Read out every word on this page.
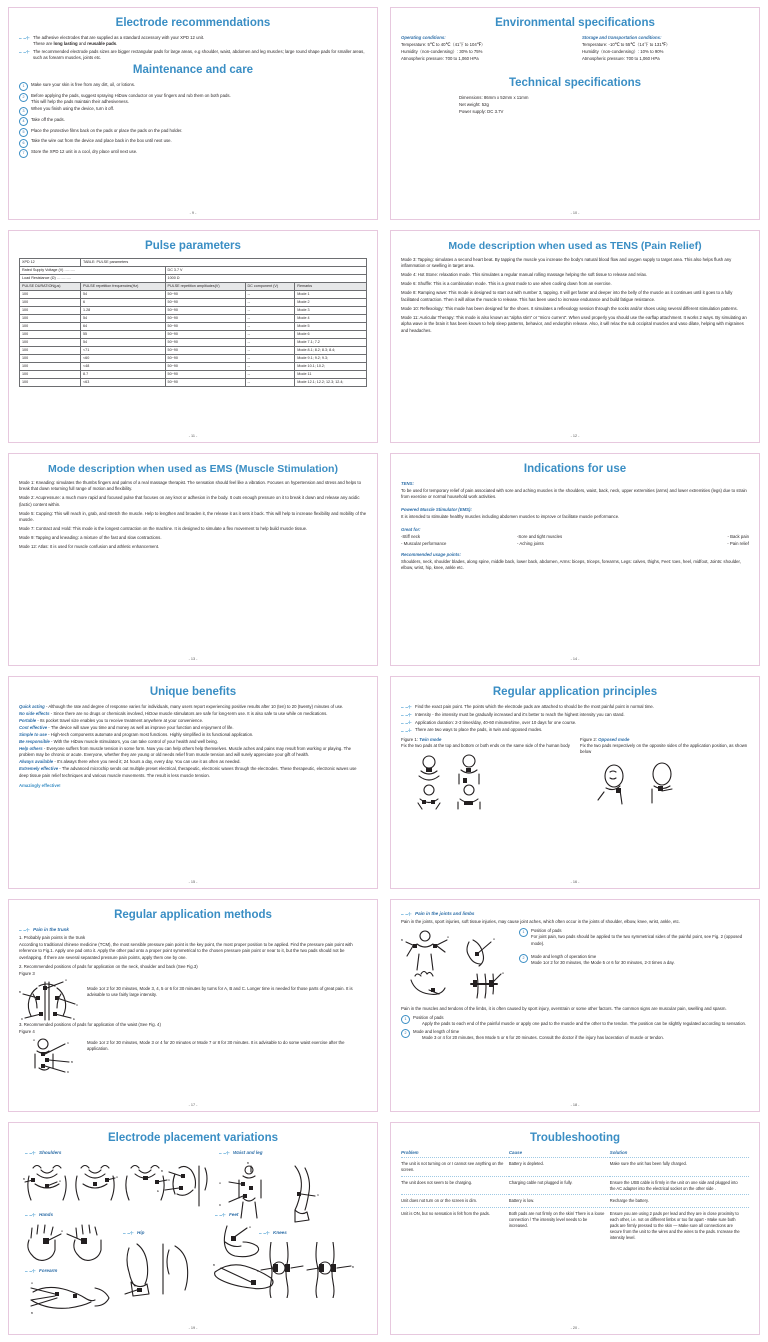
Electrode recommendations
The adhesive electrodes that are supplied as a standard accessory with your XPD 12 unit.
These are long lasting and reusable pads.
The recommended electrode pads sizes are bigger rectangular pads for large areas, e.g shoulder, waist, abdomen and leg muscles; large round shape pads for smaller areas, such as forearm muscles, joints etc.
Maintenance and care
1	Make sure your skin is free from any dirt, oil, or lotions.
2	Before applying the pads, suggest spraying HiDow conductor on your fingers and rub them on both pads.
This will help the pads maintain their adhesiveness.
3	When you finish using the device, turn it off.
4	Take off the pads.
5	Place the protective films back on the pads or place the pads on the pad holder.
6	Take the wire out from the device and place back in the box until next use.
7	Store the XPD 12 unit in a cool, dry place until next use.
- 9 -
Environmental specifications
Operating conditions:
Temperature: 5℃ to 40℃（41℉ to 104℉）
Humidity（non-condensing）: 30% to 75%
Atmospheric pressure: 700 to 1,060 HPa
Storage and transportation conditions:
Temperature: -10℃ to 55℃（14℉ to 131℉）
Humidity（non-condensing）: 10% to 90%
Atmospheric pressure: 700 to 1,060 HPa
Technical specifications
Dimensions: 86mm x 52mm x 11mm
Net weight: 52g
Power supply: DC 3.7V
- 10 -
Pulse parameters
XPD 12	TABLE: PULSE parameters			
Rated Supply Voltage (V) ………		DC 3.7 V		
Load Resistance (Ω) …………		1000 Ω		
PULSE DURATION(μs)	PULSE repetition frequencies(Hz)	PULSE repetition amplitudes(V)	DC component (V)	Remarks
100	54	50~90	--	Mode 1
100	6	50~90	--	Mode 2
100	1.28	50~90	--	Mode 3
100	54	50~90	--	Mode 4
100	64	50~90	--	Mode 5
100	55	50~90	--	Mode 6
100	54	50~90	--	Mode 7.1; 7.2
100	<71	50~90	--	Mode 8.1; 8.2; 8.3; 8.4;
100	<60	50~90	--	Mode 9.1; 9.2; 9.3;
100	<48	50~90	--	Mode 10.1; 10.2;
100	8.7	50~90	--	Mode 11
100	<63	50~90	--	Mode 12.1; 12.2; 12.3; 12.4;
- 11 -
Mode description when used as TENS (Pain Relief)
Mode 3: Tapping: simulates a second heart beat. By tapping the muscle you increase the body's natural blood flow and oxygen supply to target area. This also helps flush any inflammation or swelling in target area.
Mode 4: Hot Stone: relaxation mode. This simulates a regular manual rolling massage helping the soft tissue to release and relax.
Mode 6: Shuffle: This is a combination mode. This is a great mode to use when cooling down from an exercise.
Mode 8: Ramping wave: This mode is designed to start out with number 3, tapping. It will get faster and deeper into the belly of the muscle as it continues until it goes to a fully facilitated contraction. Then it will allow the muscle to release. This has been used to increase endurance and build fatigue resistance.
Mode 10: Reflexology: This mode has been designed for the shoes. It simulates a reflexology session through the socks and/or shoes using several different stimulation patterns.
Mode 11: Auricular Therapy: This mode is also known as “alpha stim” or “micro current”. When used properly you should use the earflap attachment. It works 2 ways. By simulating an alpha wave in the brain it has been known to help sleep patterns, behavior, and endorphin release. Also, it will relax the sub occipital muscles and vaso dilate, helping with migraines and headaches.
- 12 -
Mode description when used as EMS (Muscle Stimulation)
Mode 1: Kneading: simulates the thumbs fingers and palms of a real massage therapist. The sensation should feel like a vibration. Focuses on hypertension and stress and helps to break that down returning full range of motion and flexibility.
Mode 2: Acupressure: a much more rapid and focused pulse that focuses on any knot or adhesion in the body. It outs enough pressure on it to break it down and release any acidic (lactic) content within.
Mode 5: Cupping: This will reach in, grab, and stretch the muscle. Help to lengthen and broaden it, the release it as it sets it back. This will help to increase flexibility and mobility of the muscle.
Mode 7: Contract and Hold: This mode is the longest contraction on the machine. It is designed to simulate a flex movement to help build muscle tissue.
Mode 9: Tapping and kneading: a mixture of the fast and slow contractions.
Mode 12: Atlas: It is used for muscle confusion and athletic enhancement.
- 13 -
Indications for use
TENS:
To be used for temporary relief of pain associated with sore and aching muscles in the shoulders, waist, back, neck, upper extremities (arms) and lower extremities (legs) due to strain from exercise or normal household work activities.
Powered Muscle Stimulator (EMS):
It is intended to stimulate healthy muscles including abdomen muscles to improve or facilitate muscle performance.
Great for:
-Stiff neck
- Muscular performance
-Sore and tight muscles
- Aching joints
- Back pain
- Pain relief
Recommended usage points:
Shoulders, neck, shoulder blades, along spine, middle back, lower back, abdomen, Arms: biceps, triceps, forearms, Legs: calves, thighs, Feet: toes, heel, midfoot, Joints: shoulder, elbow, wrist, hip, knee, ankle etc.
- 14 -
Unique benefits
Quick acting - Although the rate and degree of response varies for individuals, many users report experiencing positive results after 10 (ten) to 20 (twenty) minutes of use.
No side effects - Since there are no drugs or chemicals involved, HiDow muscle stimulators are safe for long-term use. It is also safe to use while on medications.
Portable - Its pocket travel size enables you to receive treatment anywhere at your convenience.
Cost effective - The device will save you time and money as well as improve your function and enjoyment of life.
Simple to use - High-tech components automate and program most functions. Highly simplified in its functional application.
Be responsible - With the HiDow muscle stimulators, you can take control of your health and well being.
Help others - Everyone suffers from muscle tension in some form. Now you can help others help themselves. Muscle aches and pains may result from working or playing. The problem may be chronic or acute. Everyone, whether they are young or old needs relief from muscle tension and will surely appreciate your gift of health.
Always available - It's always there when you need it; 24 hours a day, every day. You can use it as often as needed.
Extremely effective - The advanced microchip sends out multiple preset electrical, therapeutic, electronic waves through the electrodes. These therapeutic, electronic waves use deep tissue pain relief techniques and various muscle movements. The result is less muscle tension.
Amazingly effective!
- 15 -
Regular application principles
Find the exact pain point. The points which the electrode pads are attached to should be the most painful point in normal time.
Intensity - the intensity must be gradually increased and it's better to reach the highest intensity you can stand.
Application duration: 2-3 times/day, 40-60 minutes/time, over 10 days for one course.
There are two ways to place the pads, in twin and opposed modes.
Figure 1: Twin mode
Fix the two pads at the top and bottom or both ends on the same side of the human body
Figure 2: Opposed mode
Fix the two pads respectively on the opposite sides of the application position, as shown below
- 16 -
Regular application methods
Pain in the trunk
1. Probably pain points in the trunk
According to traditional chinese medicine (TCM), the most sensible pressure pain point is the key point, the most proper position to be applied. Find the pressure pain point with reference to Fig.1. Apply one pad onto it. Apply the other pad onto a proper point symmetrical to the chosen pressure pain point or near to it, but the two pads should not be overlapping. If there are several separated pressure pain points, apply them one by one.
2. Recommended positions of pads for application on the neck, shoulder and back (See Fig.3)
Figure 3
A
B
C
D	E
Mode 1or 2 for 30 minutes, Mode 3, 4, 5 or 6 for 30 minutes by turns for A, B and C. Longer time is needed for those parts of great pain. It is advisable to use fairly large intensity.
3. Recommended positions of pads for application of the waist (See Fig. 4)
Figure 4
A
C
B
D
Mode 1or 2 for 30 minutes, Mode 3 or 4 for 20 minutes or Mode 7 or 8 for 30 minutes. It is advisable to do some waist exercise after the application.
- 17 -
Pain in the joints and limbs
Pain in the joints, sport injuries, soft tissue injuries, may cause joint aches, which often occur in the joints of shoulder, elbow, knee, wrist, ankle, etc.
B
A	A
A
1	Position of pads
For joint pain, two pads should be applied to the two symmetrical sides of the painful point, see Fig. 2 (opposed mode).
2	Mode and length of operation time
Mode 1or 2 for 30 minutes, the Mode 5 or 6 for 30 minutes, 2-3 times a day.
Pain in the muscles and tendons of the limbs, it is often caused by sport injury, overstrain or some other factors. The common signs are muscular pain, swelling and spasm.
1	Position of pads

Apply the pads to each end of the painful muscle or apply one pad to the muscle and the other to the tendon. The position can be slightly regulated according to sensation.
2	Mode and length of time

Mode 3 or 4 for 20 minutes, then Mode 5 or 6 for 20 minutes. Consult the doctor if the injury has laceration of muscle or tendon.
- 18 -
Electrode placement variations
Shoulders
B	A
A
C
B
E
Waist and leg
B
A
D
C
Hands
A
Forearm
A
B
Hip
Feet
A
B
Knees
A
B
- 19 -
Troubleshooting
Problem	Cause	Solution
The unit is not turning on or I cannot see anything on the screen.	Battery is depleted.	Make sure the unit has been fully charged.
The unit does not seem to be charging.	Charging cable not plugged in fully.	Ensure the USB cable is firmly in the unit on one side and plugged into the AC adapter into the electrical socket on the other side .
Unit does not turn on or the screen is dim.	Battery is low.	Recharge the battery.
Unit is ON, but no sensation is felt from the pads.	Both pads are not firmly on the skin/ There is a loose connection / The intensity level needs to be increased.	Ensure you are using 2 pads per lead and they are in close proximity to each other, i.e. not on different limbs or too far apart - Make sure both pads are firmly pressed to the skin — Make sure all connections are secure from the unit to the wires and the wires to the pads. Increase the intensity level.
- 20 -
